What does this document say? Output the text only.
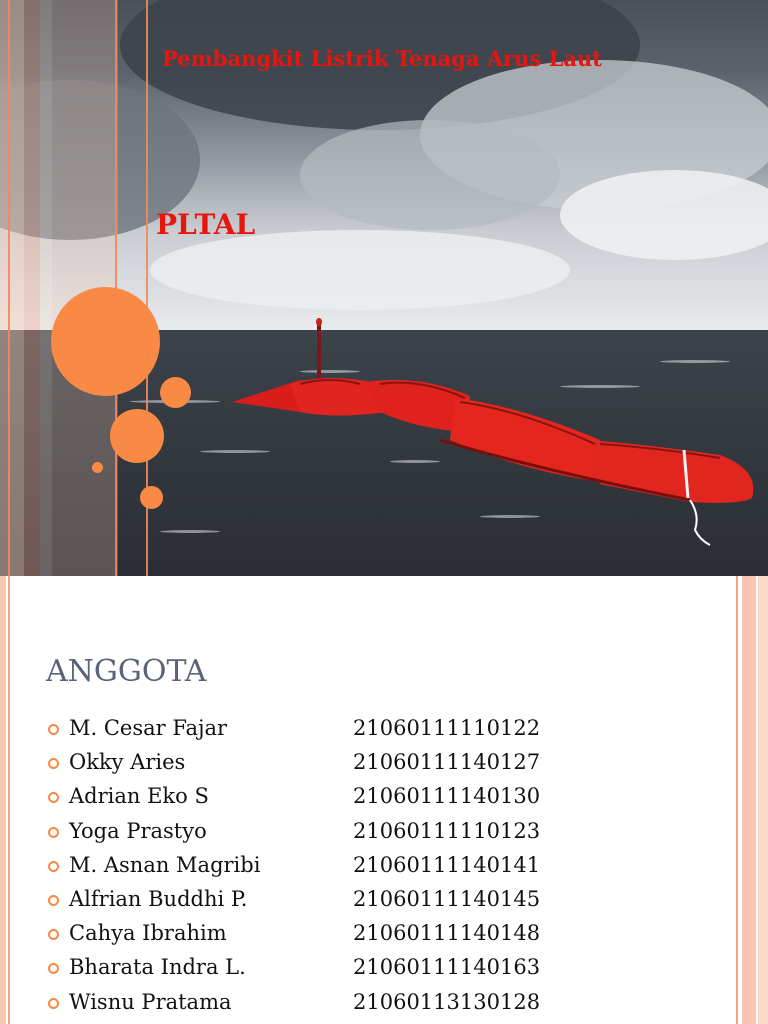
Pembangkit Listrik Tenaga Arus Laut
PLTAL
ANGGOTA
M. Cesar Fajar	21060111110122
Okky Aries	21060111140127
Adrian Eko S	21060111140130
Yoga Prastyo	21060111110123
M. Asnan Magribi	21060111140141
Alfrian Buddhi P.	21060111140145
Cahya Ibrahim	21060111140148
Bharata Indra L.	21060111140163
Wisnu Pratama	21060113130128
